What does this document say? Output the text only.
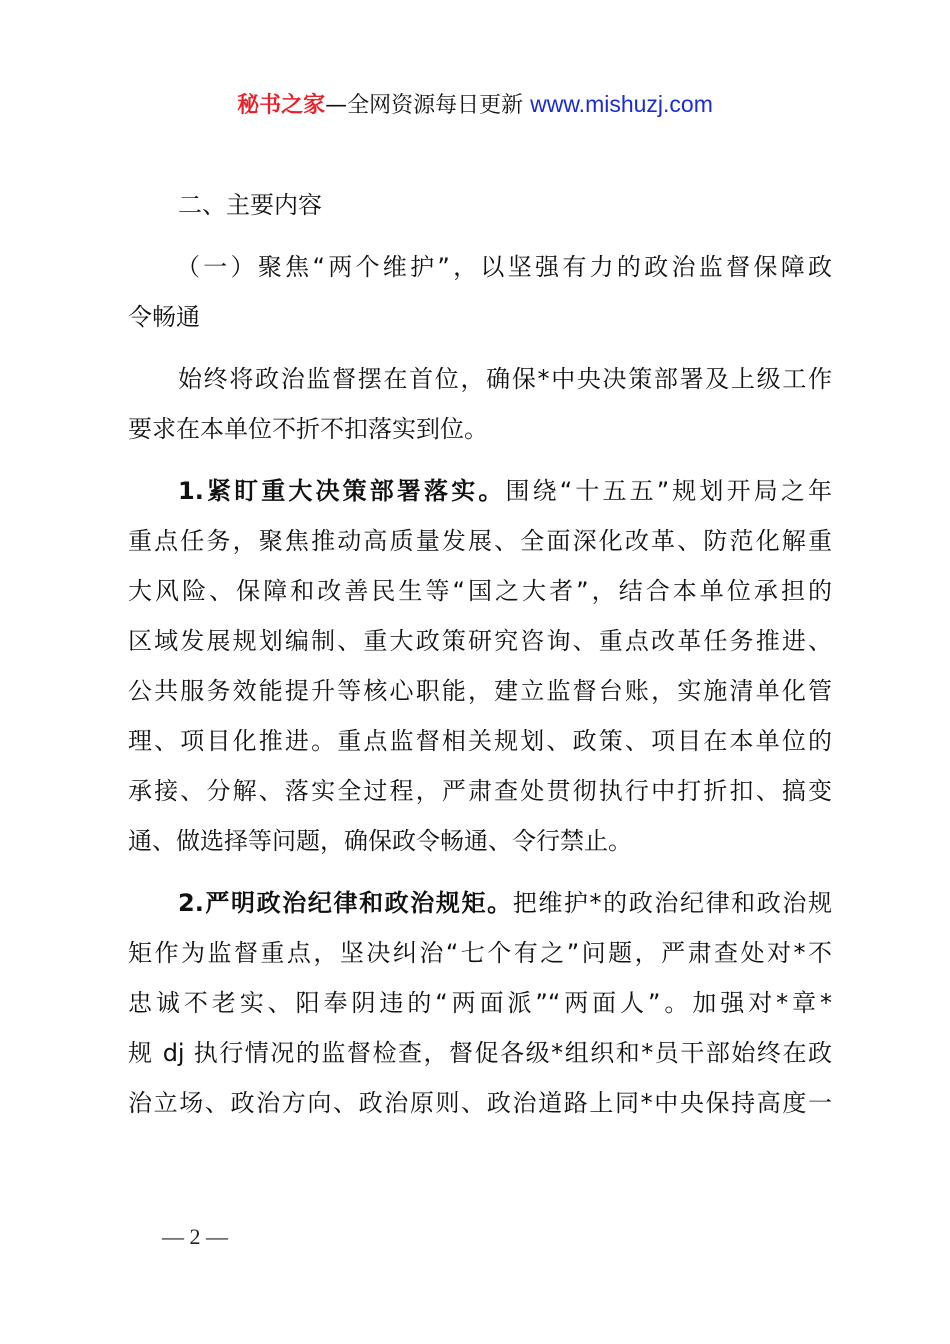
秘书之家—全网资源每日更新 www.mishuzj.com
二、主要内容
（一）聚焦“两个维护”，以坚强有力的政治监督保障政
令畅通
始终将政治监督摆在首位，确保*中央决策部署及上级工作
要求在本单位不折不扣落实到位。
1.紧盯重大决策部署落实。围绕“十五五”规划开局之年
重点任务，聚焦推动高质量发展、全面深化改革、防范化解重
大风险、保障和改善民生等“国之大者”，结合本单位承担的
区域发展规划编制、重大政策研究咨询、重点改革任务推进、
公共服务效能提升等核心职能，建立监督台账，实施清单化管
理、项目化推进。重点监督相关规划、政策、项目在本单位的
承接、分解、落实全过程，严肃查处贯彻执行中打折扣、搞变
通、做选择等问题，确保政令畅通、令行禁止。
2.严明政治纪律和政治规矩。把维护*的政治纪律和政治规
矩作为监督重点，坚决纠治“七个有之”问题，严肃查处对*不
忠诚不老实、阳奉阴违的“两面派”“两面人”。加强对*章*
规 dj 执行情况的监督检查，督促各级*组织和*员干部始终在政
治立场、政治方向、政治原则、政治道路上同*中央保持高度一
— 2 —
